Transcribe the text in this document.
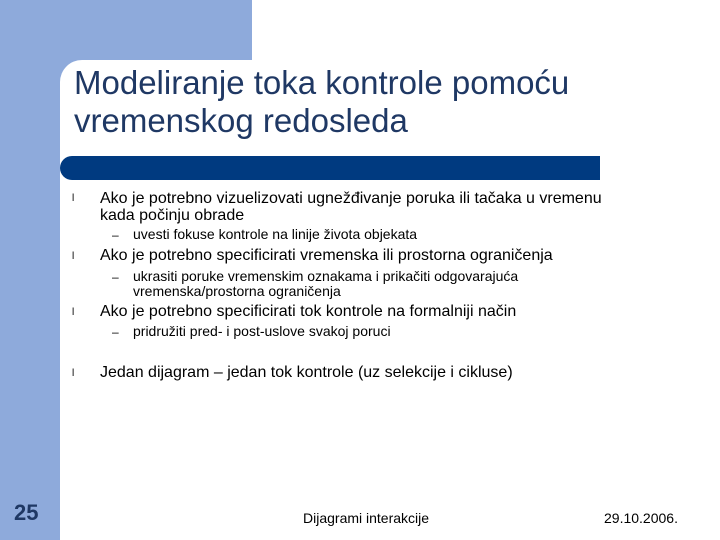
Modeliranje toka kontrole pomoću
vremenskog redosleda
l Ako je potrebno vizuelizovati ugnežđivanje poruka ili tačaka u vremenu
kada počinju obrade
– uvesti fokuse kontrole na linije života objekata
l Ako je potrebno specificirati vremenska ili prostorna ograničenja
– ukrasiti poruke vremenskim oznakama i prikačiti odgovarajuća
vremenska/prostorna ograničenja
l Ako je potrebno specificirati tok kontrole na formalniji način
– pridružiti pred- i post-uslove svakoj poruci
l Jedan dijagram – jedan tok kontrole (uz selekcije i cikluse)
25	Dijagrami interakcije	29.10.2006.
